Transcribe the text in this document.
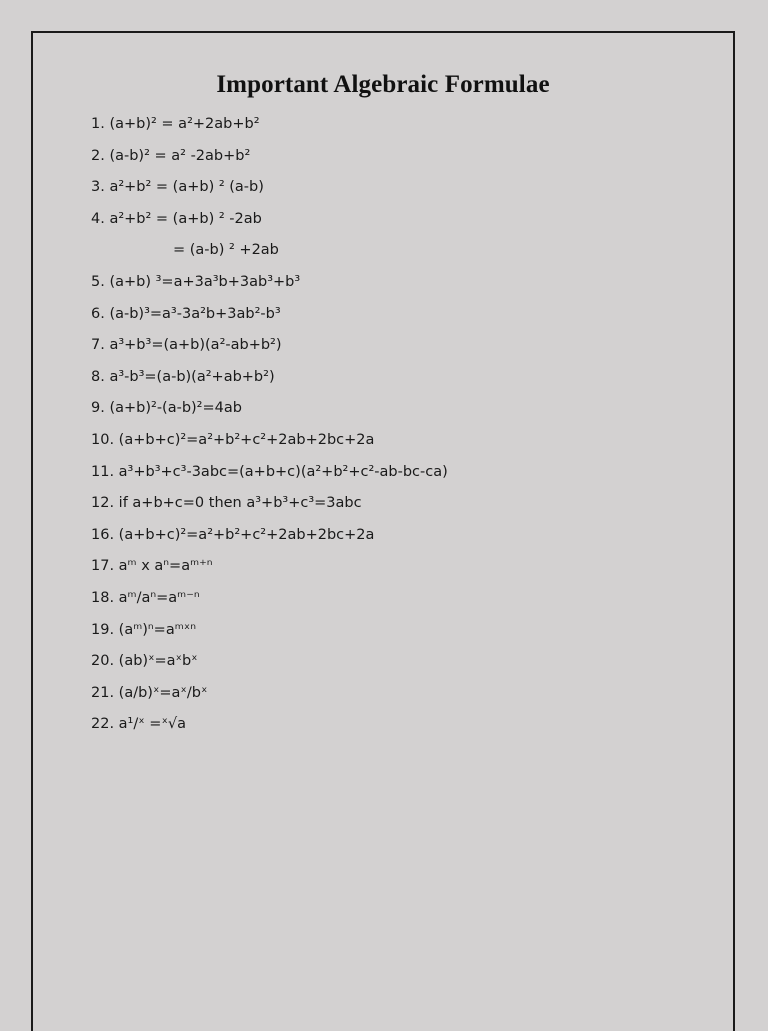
Important Algebraic Formulae
1. (a+b)² = a²+2ab+b²
2. (a-b)² = a² -2ab+b²
3. a²+b² = (a+b) ² (a-b)
4. a²+b² = (a+b) ² -2ab
= (a-b) ² +2ab
5. (a+b) ³=a+3a³b+3ab³+b³
6. (a-b)³=a³-3a²b+3ab²-b³
7. a³+b³=(a+b)(a²-ab+b²)
8. a³-b³=(a-b)(a²+ab+b²)
9. (a+b)²-(a-b)²=4ab
10. (a+b+c)²=a²+b²+c²+2ab+2bc+2a
11. a³+b³+c³-3abc=(a+b+c)(a²+b²+c²-ab-bc-ca)
12. if a+b+c=0 then a³+b³+c³=3abc
16. (a+b+c)²=a²+b²+c²+2ab+2bc+2a
17. aᵐ x aⁿ=aᵐ⁺ⁿ
18. aᵐ/aⁿ=aᵐ⁻ⁿ
19. (aᵐ)ⁿ=aᵐˣⁿ
20. (ab)ˣ=aˣbˣ
21. (a/b)ˣ=aˣ/bˣ
22. a¹/ˣ =ˣ√a
